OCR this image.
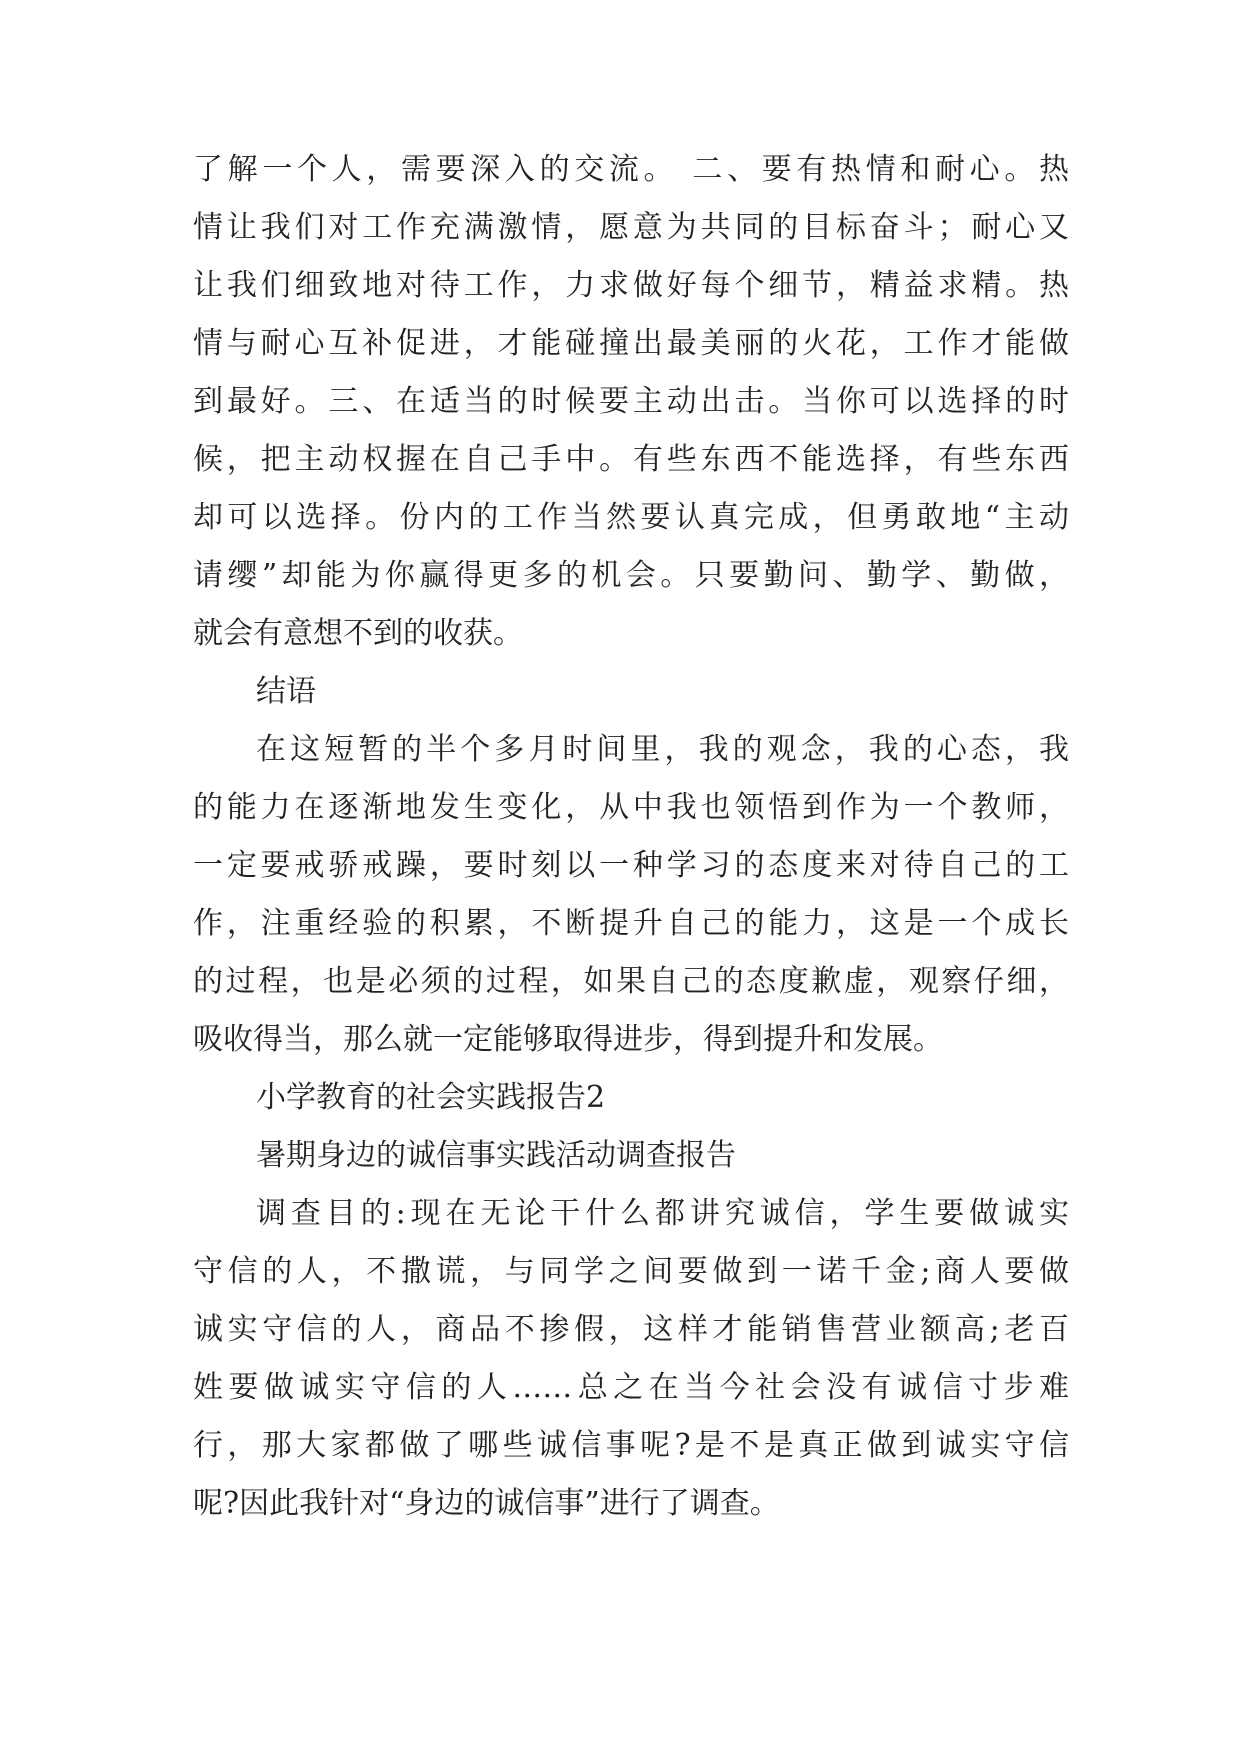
了解一个人，需要深入的交流。 二、要有热情和耐心。热
情让我们对工作充满激情，愿意为共同的目标奋斗；耐心又
让我们细致地对待工作，力求做好每个细节，精益求精。热
情与耐心互补促进，才能碰撞出最美丽的火花，工作才能做
到最好。三、在适当的时候要主动出击。当你可以选择的时
候，把主动权握在自己手中。有些东西不能选择，有些东西
却可以选择。份内的工作当然要认真完成，但勇敢地“主动
请缨”却能为你赢得更多的机会。只要勤问、勤学、勤做，
就会有意想不到的收获。
结语
在这短暂的半个多月时间里，我的观念，我的心态，我
的能力在逐渐地发生变化，从中我也领悟到作为一个教师，
一定要戒骄戒躁，要时刻以一种学习的态度来对待自己的工
作，注重经验的积累，不断提升自己的能力，这是一个成长
的过程，也是必须的过程，如果自己的态度歉虚，观察仔细，
吸收得当，那么就一定能够取得进步，得到提升和发展。
小学教育的社会实践报告2
暑期身边的诚信事实践活动调查报告
调查目的:现在无论干什么都讲究诚信，学生要做诚实
守信的人，不撒谎，与同学之间要做到一诺千金;商人要做
诚实守信的人，商品不掺假，这样才能销售营业额高;老百
姓要做诚实守信的人……总之在当今社会没有诚信寸步难
行，那大家都做了哪些诚信事呢?是不是真正做到诚实守信
呢?因此我针对“身边的诚信事”进行了调查。
